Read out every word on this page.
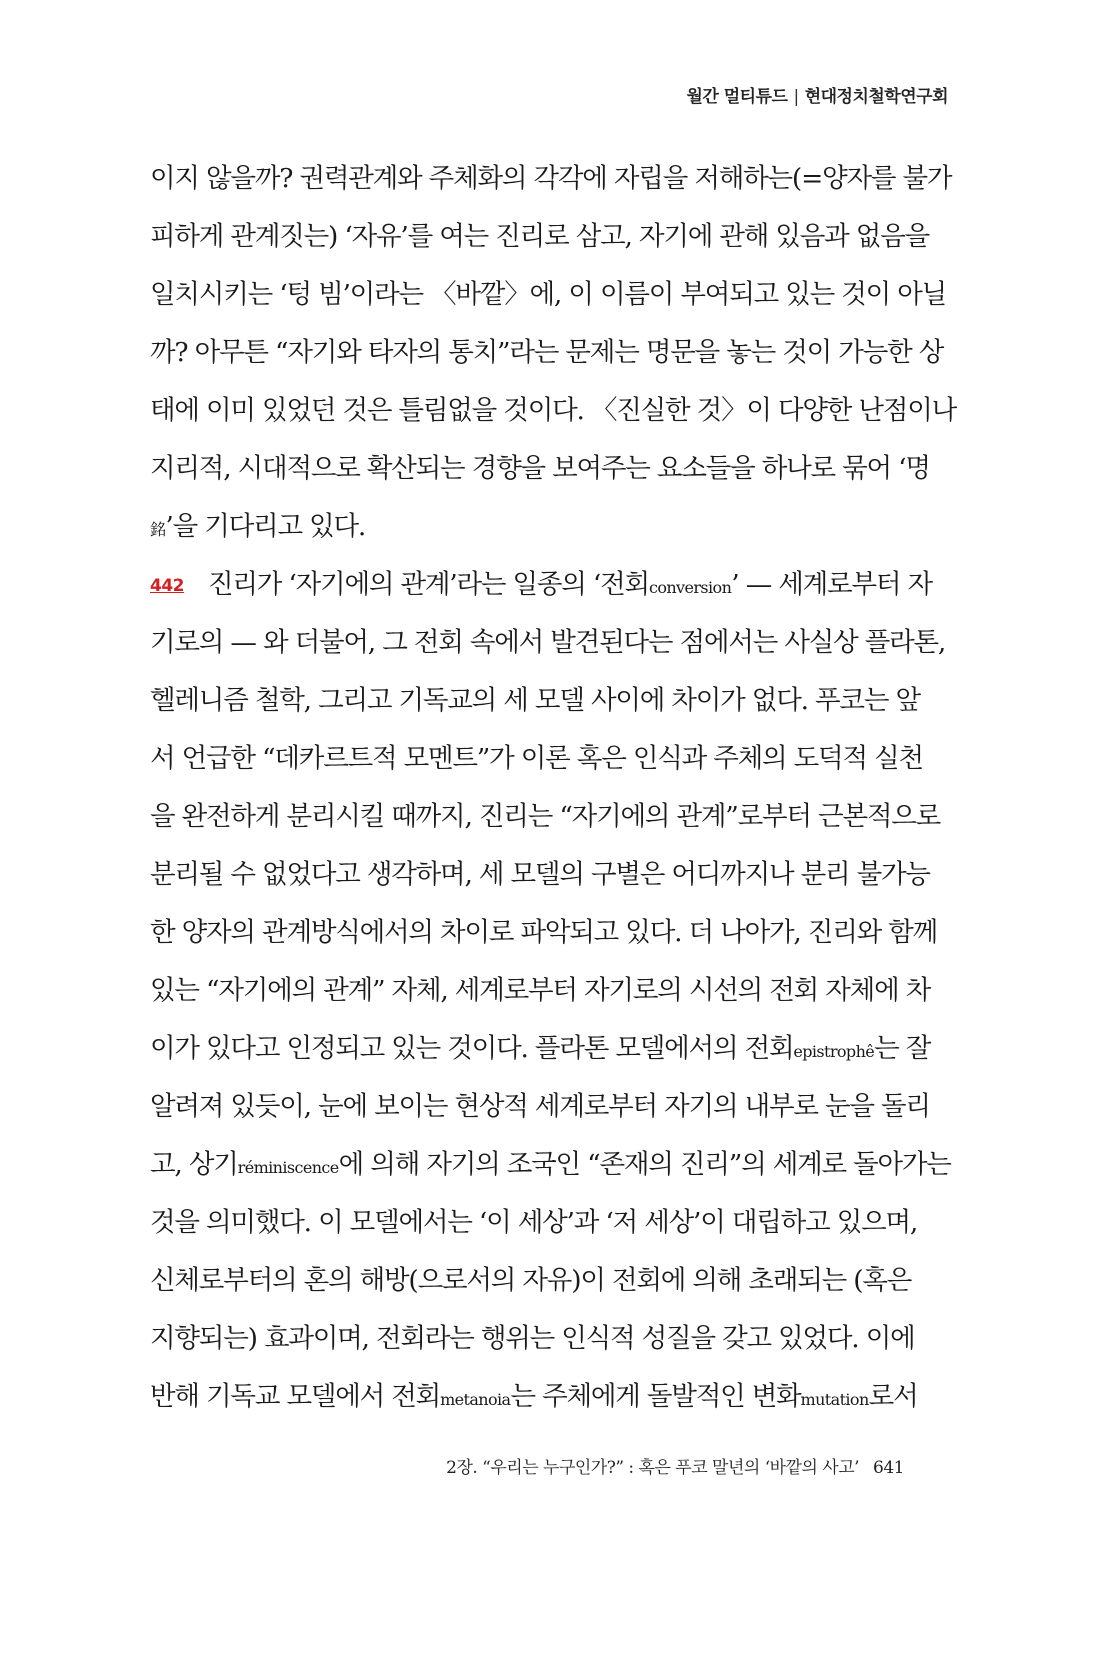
월간 멀티튜드 | 현대정치철학연구회
이지 않을까? 권력관계와 주체화의 각각에 자립을 저해하는(=양자를 불가
피하게 관계짓는) ‘자유’를 여는 진리로 삼고, 자기에 관해 있음과 없음을
일치시키는 ‘텅 빔’이라는 〈바깥〉에, 이 이름이 부여되고 있는 것이 아닐
까? 아무튼 “자기와 타자의 통치”라는 문제는 명문을 놓는 것이 가능한 상
태에 이미 있었던 것은 틀림없을 것이다. 〈진실한 것〉이 다양한 난점이나
지리적, 시대적으로 확산되는 경향을 보여주는 요소들을 하나로 묶어 ‘명
銘’을 기다리고 있다.
442 진리가 ‘자기에의 관계’라는 일종의 ‘전회conversion’ — 세계로부터 자
기로의 — 와 더불어, 그 전회 속에서 발견된다는 점에서는 사실상 플라톤,
헬레니즘 철학, 그리고 기독교의 세 모델 사이에 차이가 없다. 푸코는 앞
서 언급한 “데카르트적 모멘트”가 이론 혹은 인식과 주체의 도덕적 실천
을 완전하게 분리시킬 때까지, 진리는 “자기에의 관계”로부터 근본적으로
분리될 수 없었다고 생각하며, 세 모델의 구별은 어디까지나 분리 불가능
한 양자의 관계방식에서의 차이로 파악되고 있다. 더 나아가, 진리와 함께
있는 “자기에의 관계” 자체, 세계로부터 자기로의 시선의 전회 자체에 차
이가 있다고 인정되고 있는 것이다. 플라톤 모델에서의 전회epistrophê는 잘
알려져 있듯이, 눈에 보이는 현상적 세계로부터 자기의 내부로 눈을 돌리
고, 상기réminiscence에 의해 자기의 조국인 “존재의 진리”의 세계로 돌아가는
것을 의미했다. 이 모델에서는 ‘이 세상’과 ‘저 세상’이 대립하고 있으며,
신체로부터의 혼의 해방(으로서의 자유)이 전회에 의해 초래되는 (혹은
지향되는) 효과이며, 전회라는 행위는 인식적 성질을 갖고 있었다. 이에
반해 기독교 모델에서 전회metanoia는 주체에게 돌발적인 변화mutation로서
2장. “우리는 누구인가?” : 혹은 푸코 말년의 ‘바깥의 사고’ 641
